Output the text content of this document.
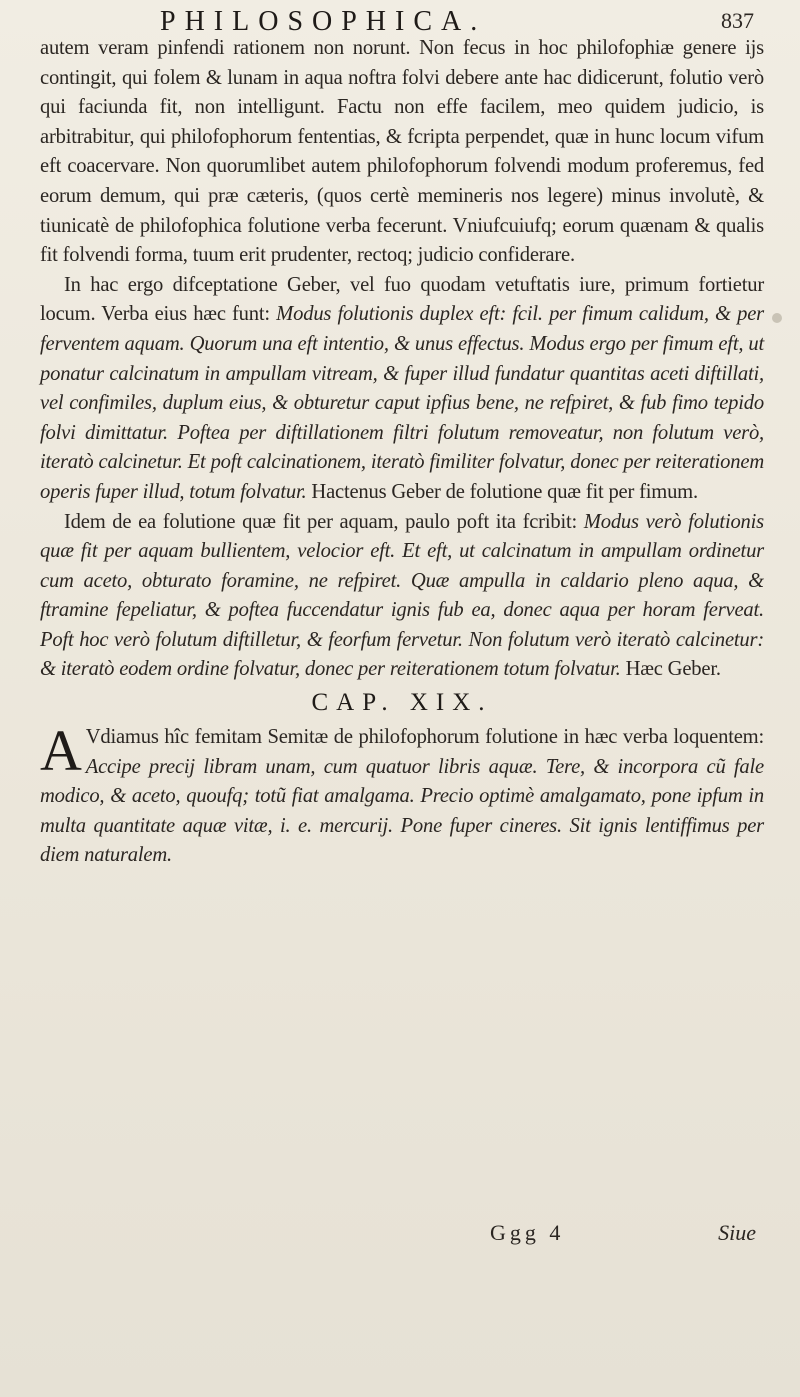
PHILOSOPHICA.	837

autem veram pinfendi rationem non norunt. Non fecus in hoc philofophiæ genere ijs contingit, qui folem & lunam in aqua noftra folvi debere ante hac didicerunt, folutio verò qui faciunda fit, non intelligunt. Factu non effe facilem, meo quidem judicio, is arbitrabitur, qui philofophorum fententias, & fcripta perpendet, quæ in hunc locum vifum eft coacervare. Non quorumlibet autem philofophorum folvendi modum proferemus, fed eorum demum, qui præ cæteris, (quos certè memineris nos legere) minus involutè, & tiunicatè de philofophica folutione verba fecerunt. Vniufcuiufq; eorum quænam & qualis fit folvendi forma, tuum erit prudenter, rectoq; judicio confiderare.

In hac ergo difceptatione Geber, vel fuo quodam vetuftatis iure, primum fortietur locum. Verba eius hæc funt: Modus folutionis duplex eft: fcil. per fimum calidum, & per ferventem aquam. Quorum una eft intentio, & unus effectus. Modus ergo per fimum eft, ut ponatur calcinatum in ampullam vitream, & fuper illud fundatur quantitas aceti diftillati, vel confimiles, duplum eius, & obturetur caput ipfius bene, ne refpiret, & fub fimo tepido folvi dimittatur. Poftea per diftillationem filtri folutum removeatur, non folutum verò, iteratò calcinetur. Et poft calcinationem, iteratò fimiliter folvatur, donec per reiterationem operis fuper illud, totum folvatur. Hactenus Geber de folutione quæ fit per fimum.

Idem de ea folutione quæ fit per aquam, paulo poft ita fcribit: Modus verò folutionis quæ fit per aquam bullientem, velocior eft. Et eft, ut calcinatum in ampullam ordinetur cum aceto, obturato foramine, ne refpiret. Quæ ampulla in caldario pleno aqua, & ftramine fepeliatur, & poftea fuccendatur ignis fub ea, donec aqua per horam ferveat. Poft hoc verò folutum diftilletur, & feorfum fervetur. Non folutum verò iteratò calcinetur: & iteratò eodem ordine folvatur, donec per reiterationem totum folvatur. Hæc Geber.

CAP. XIX.

A Vdiamus hîc femitam Semitæ de philofophorum folutione in hæc verba loquentem: Accipe precij libram unam, cum quatuor libris aquæ. Tere, & incorpora cũ fale modico, & aceto, quoufq; totũ fiat amalgama. Precio optimè amalgamato, pone ipfum in multa quantitate aquæ vitæ, i. e. mercurij. Pone fuper cineres. Sit ignis lentiffimus per diem naturalem.

Ggg 4	Siue
